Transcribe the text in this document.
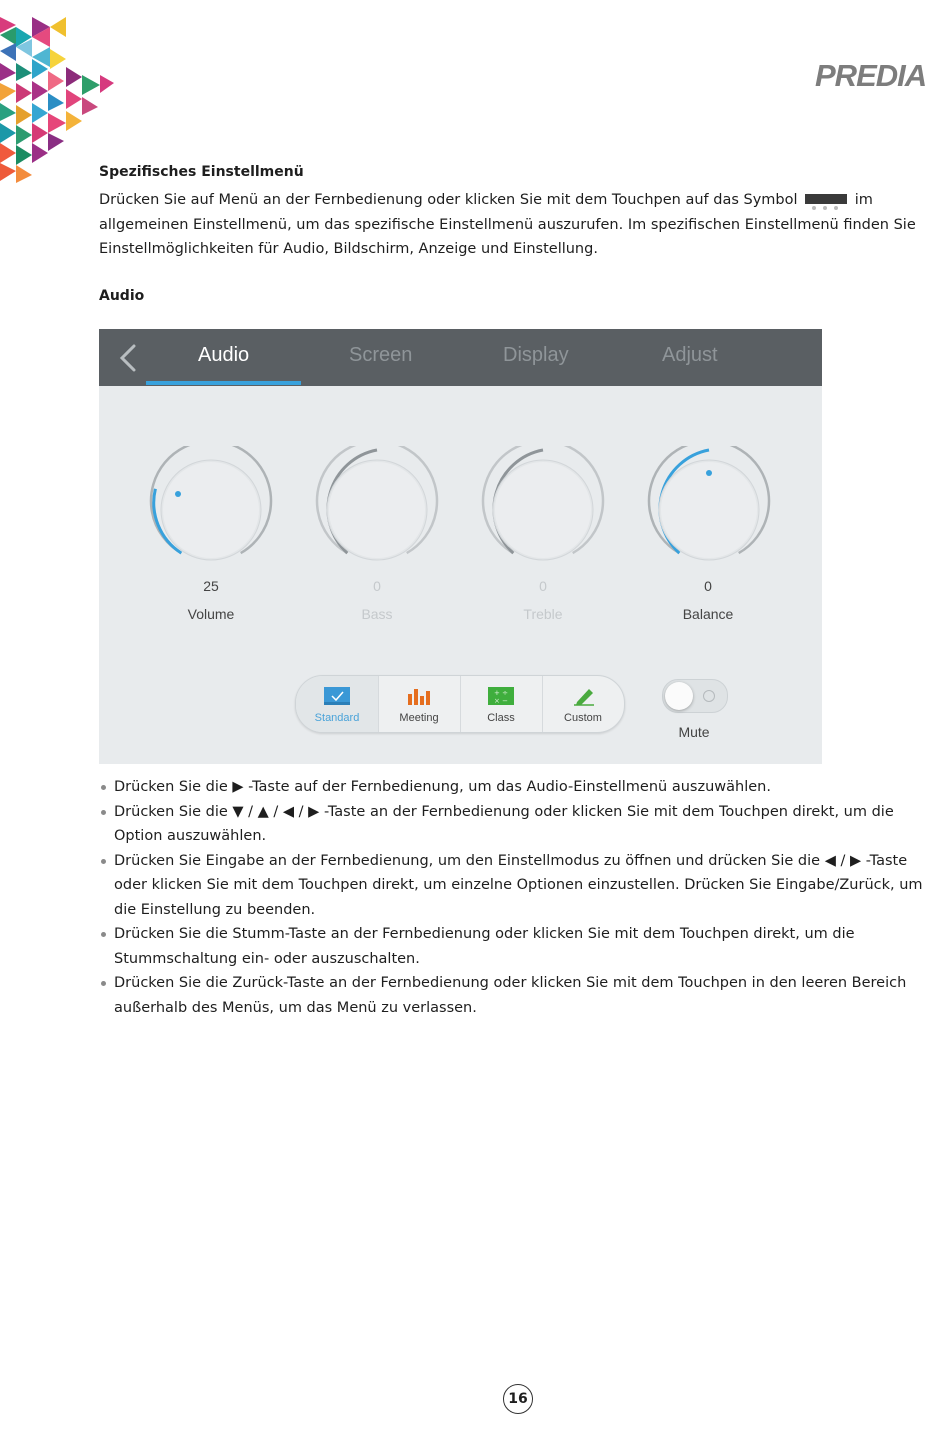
PREDIA
Spezifisches Einstellmenü
Drücken Sie auf Menü an der Fernbedienung oder klicken Sie mit dem Touchpen auf das Symbol	im allgemeinen Einstellmenü, um das spezifische Einstellmenü auszurufen. Im spezifischen Einstellmenü finden Sie Einstellmöglichkeiten für Audio, Bildschirm, Anzeige und Einstellung.
Audio
Audio	Screen	Display	Adjust
25	0	0	0
Volume	Bass	Treble	Balance
Standard	Meeting
+ ÷
× −
Class	Custom
Mute
Drücken Sie die ▶ -Taste auf der Fernbedienung, um das Audio-Einstellmenü auszuwählen.
Drücken Sie die ▼ / ▲ / ◀ / ▶ -Taste an der Fernbedienung oder klicken Sie mit dem Touchpen direkt, um die Option auszuwählen.
Drücken Sie Eingabe an der Fernbedienung, um den Einstellmodus zu öffnen und drücken Sie die ◀ / ▶ -Taste oder klicken Sie mit dem Touchpen direkt, um einzelne Optionen einzustellen. Drücken Sie Eingabe/Zurück, um die Einstellung zu beenden.
Drücken Sie die Stumm-Taste an der Fernbedienung oder klicken Sie mit dem Touchpen direkt, um die Stummschaltung ein- oder auszuschalten.
Drücken Sie die Zurück-Taste an der Fernbedienung oder klicken Sie mit dem Touchpen in den leeren Bereich außerhalb des Menüs, um das Menü zu verlassen.
16
